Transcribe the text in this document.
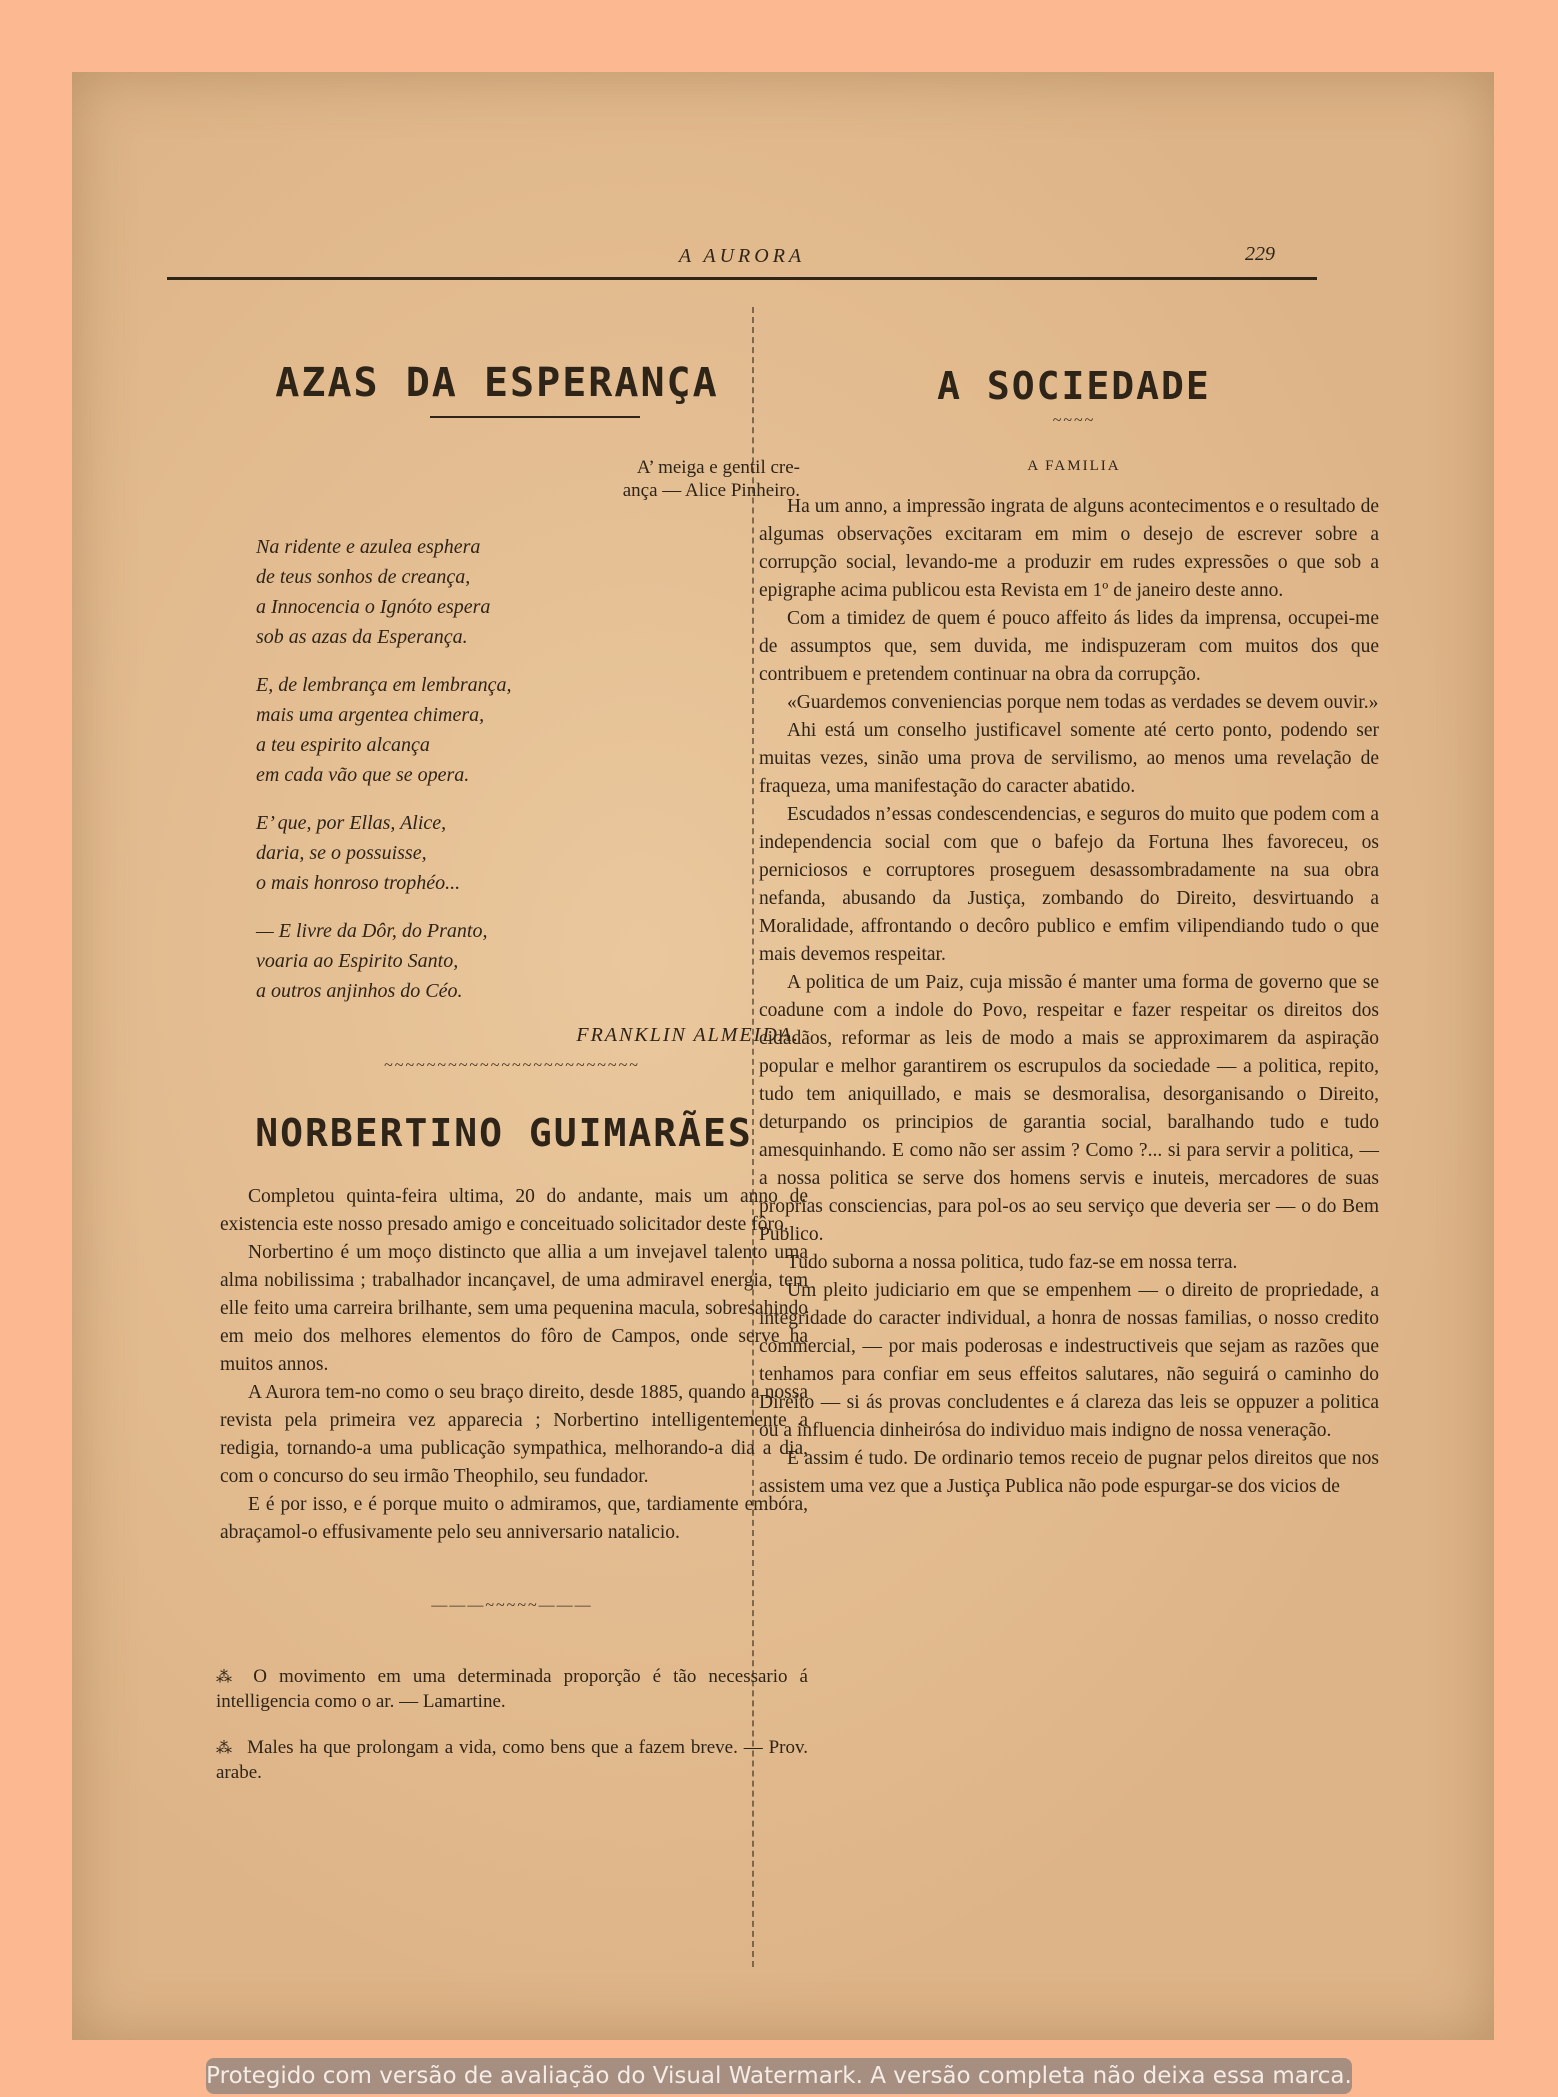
A AURORA	229
AZAS DA ESPERANÇA
A’ meiga e gentil cre-
ança — Alice Pinheiro.
Na ridente e azulea esphera
de teus sonhos de creança,
a Innocencia o Ignóto espera
sob as azas da Esperança.
E, de lembrança em lembrança,
mais uma argentea chimera,
a teu espirito alcança
em cada vão que se opera.
E’ que, por Ellas, Alice,
daria, se o possuisse,
o mais honroso trophéo...
— E livre da Dôr, do Pranto,
voaria ao Espirito Santo,
a outros anjinhos do Céo.
FRANKLIN ALMEIDA.
~~~~~~~~~~~~~~~~~~~~~~~~
NORBERTINO GUIMARÃES

Completou quinta-feira ultima, 20 do andante, mais um anno de existencia este nosso presado amigo e conceituado solicitador deste fôro.

Norbertino é um moço distincto que allia a um invejavel talento uma alma nobilissima ; trabalhador incançavel, de uma admiravel energia, tem elle feito uma carreira brilhante, sem uma pequenina macula, sobresahindo em meio dos melhores elementos do fôro de Campos, onde serve ha muitos annos.

A Aurora tem-no como o seu braço direito, desde 1885, quando a nossa revista pela primeira vez apparecia ; Norbertino intelligentemente a redigia, tornando-a uma publicação sympathica, melhorando-a dia a dia, com o concurso do seu irmão Theophilo, seu fundador.

E é por isso, e é porque muito o admiramos, que, tardiamente embóra, abraçamol-o effusivamente pelo seu anniversario natalicio.

———~~~~~———

⁂ O movimento em uma determinada proporção é tão necessario á intelligencia como o ar. — Lamartine.

⁂ Males ha que prolongam a vida, como bens que a fazem breve. — Prov. arabe.

A SOCIEDADE
~~~~
A FAMILIA

Ha um anno, a impressão ingrata de alguns acontecimentos e o resultado de algumas observações excitaram em mim o desejo de escrever sobre a corrupção social, levando-me a produzir em rudes expressões o que sob a epigraphe acima publicou esta Revista em 1º de janeiro deste anno.

Com a timidez de quem é pouco affeito ás lides da imprensa, occupei-me de assumptos que, sem duvida, me indispuzeram com muitos dos que contribuem e pretendem continuar na obra da corrupção.

«Guardemos conveniencias porque nem todas as verdades se devem ouvir.»

Ahi está um conselho justificavel somente até certo ponto, podendo ser muitas vezes, sinão uma prova de servilismo, ao menos uma revelação de fraqueza, uma manifestação do caracter abatido.

Escudados n’essas condescendencias, e seguros do muito que podem com a independencia social com que o bafejo da Fortuna lhes favoreceu, os perniciosos e corruptores proseguem desassombradamente na sua obra nefanda, abusando da Justiça, zombando do Direito, desvirtuando a Moralidade, affrontando o decôro publico e emfim vilipendiando tudo o que mais devemos respeitar.

A politica de um Paiz, cuja missão é manter uma forma de governo que se coadune com a indole do Povo, respeitar e fazer respeitar os direitos dos cidadãos, reformar as leis de modo a mais se approximarem da aspiração popular e melhor garantirem os escrupulos da sociedade — a politica, repito, tudo tem aniquillado, e mais se desmoralisa, desorganisando o Direito, deturpando os principios de garantia social, baralhando tudo e tudo amesquinhando. E como não ser assim ? Como ?... si para servir a politica, — a nossa politica se serve dos homens servis e inuteis, mercadores de suas proprias consciencias, para pol-os ao seu serviço que deveria ser — o do Bem Publico.

Tudo suborna a nossa politica, tudo faz-se em nossa terra.

Um pleito judiciario em que se empenhem — o direito de propriedade, a integridade do caracter individual, a honra de nossas familias, o nosso credito commercial, — por mais poderosas e indestructiveis que sejam as razões que tenhamos para confiar em seus effeitos salutares, não seguirá o caminho do Direito — si ás provas concludentes e á clareza das leis se oppuzer a politica ou a influencia dinheirósa do individuo mais indigno de nossa veneração.

E assim é tudo. De ordinario temos receio de pugnar pelos direitos que nos assistem uma vez que a Justiça Publica não pode espurgar-se dos vicios de

Protegido com versão de avaliação do Visual Watermark. A versão completa não deixa essa marca.
